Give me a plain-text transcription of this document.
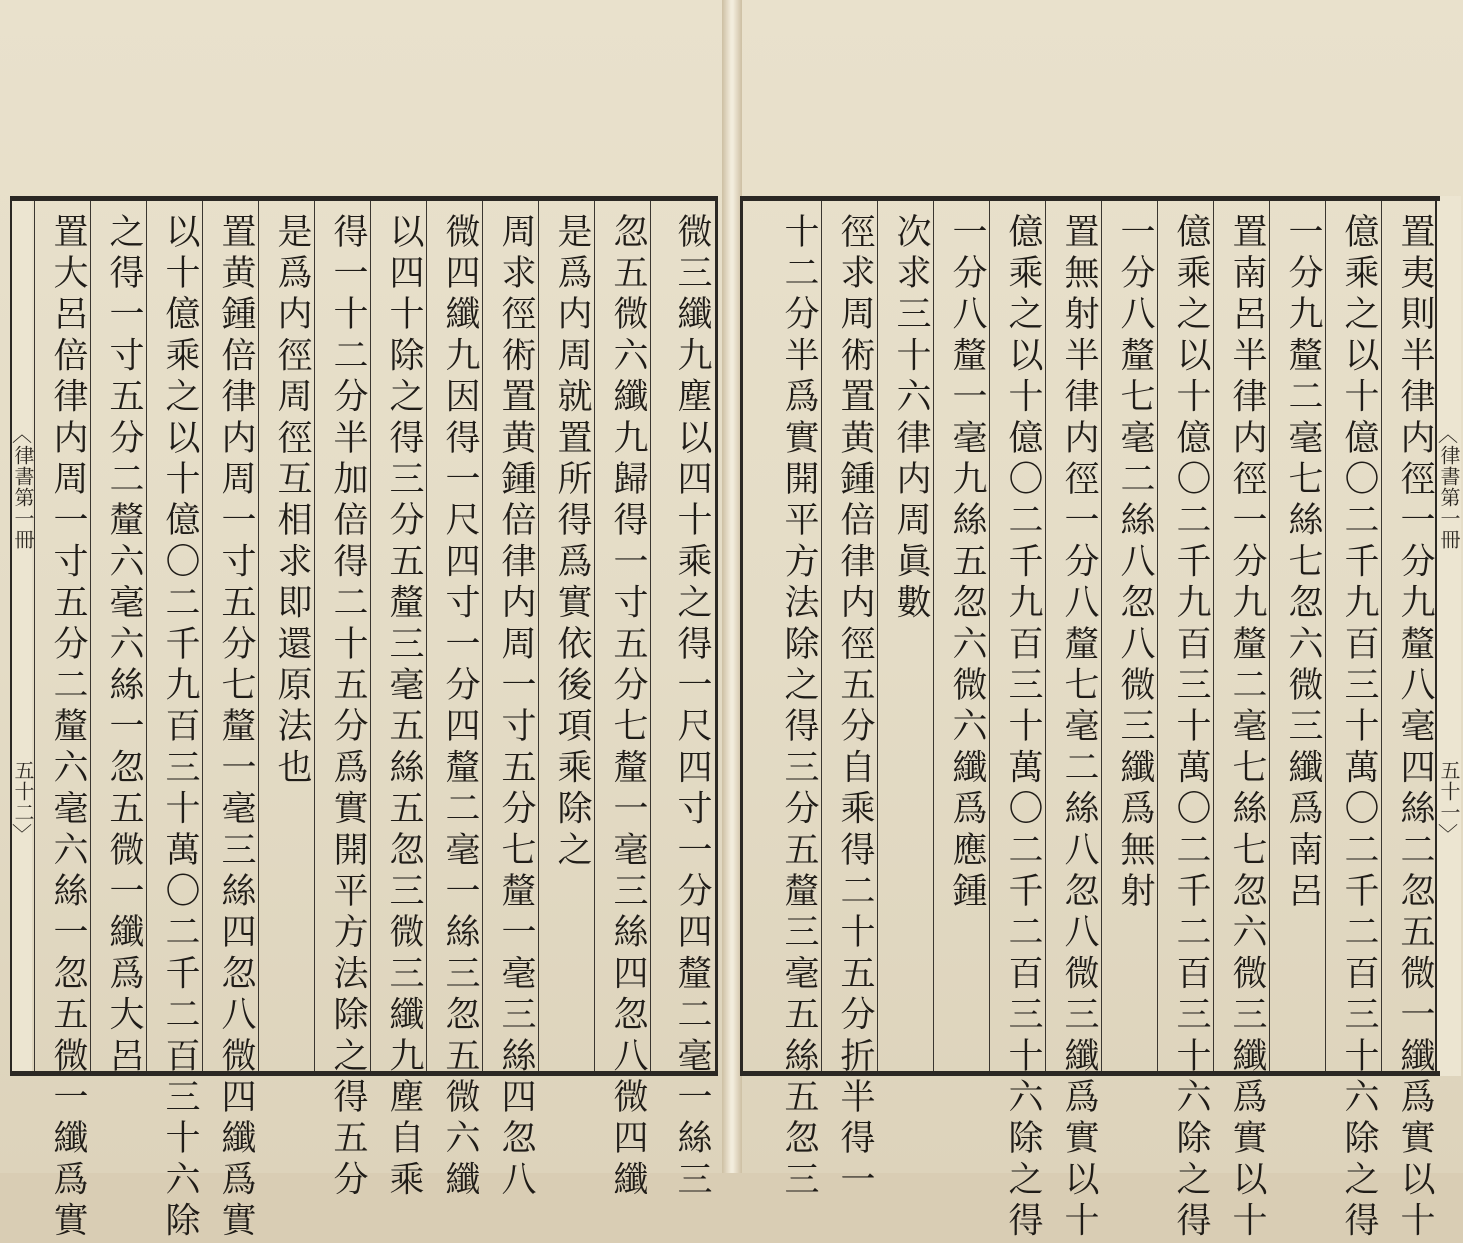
︿
律書第一冊
五十二
﹀
︿
律書第一冊
五十一
﹀
置大呂倍律内周一寸五分二釐六毫六絲一忽五微一纖爲實 之得一寸五分二釐六毫六絲一忽五微一纖爲大呂 以十億乘之以十億〇二千九百三十萬〇二千二百三十六除 置黄鍾倍律内周一寸五分七釐一毫三絲四忽八微四纖爲實 是爲内徑周徑互相求即還原法也 得一十二分半加倍得二十五分爲實開平方法除之得五分 以四十除之得三分五釐三毫五絲五忽三微三纖九塵自乘 微四纖九因得一尺四寸一分四釐二毫一絲三忽五微六纖 周求徑術置黄鍾倍律内周一寸五分七釐一毫三絲四忽八 是爲内周就置所得爲實依後項乘除之 忽五微六纖九歸得一寸五分七釐一毫三絲四忽八微四纖 微三纖九塵以四十乘之得一尺四寸一分四釐二毫一絲三	置夷則半律内徑一分九釐八毫四絲二忽五微一纖爲實以十
億乘之以十億〇二千九百三十萬〇二千二百三十六除之得
一分九釐二毫七絲七忽六微三纖爲南呂
置南呂半律内徑一分九釐二毫七絲七忽六微三纖爲實以十
億乘之以十億〇二千九百三十萬〇二千二百三十六除之得
一分八釐七毫二絲八忽八微三纖爲無射
置無射半律内徑一分八釐七毫二絲八忽八微三纖爲實以十
億乘之以十億〇二千九百三十萬〇二千二百三十六除之得
一分八釐一毫九絲五忽六微六纖爲應鍾
次求三十六律内周眞數
徑求周術置黄鍾倍律内徑五分自乘得二十五分折半得一
十二分半爲實開平方法除之得三分五釐三毫五絲五忽三
